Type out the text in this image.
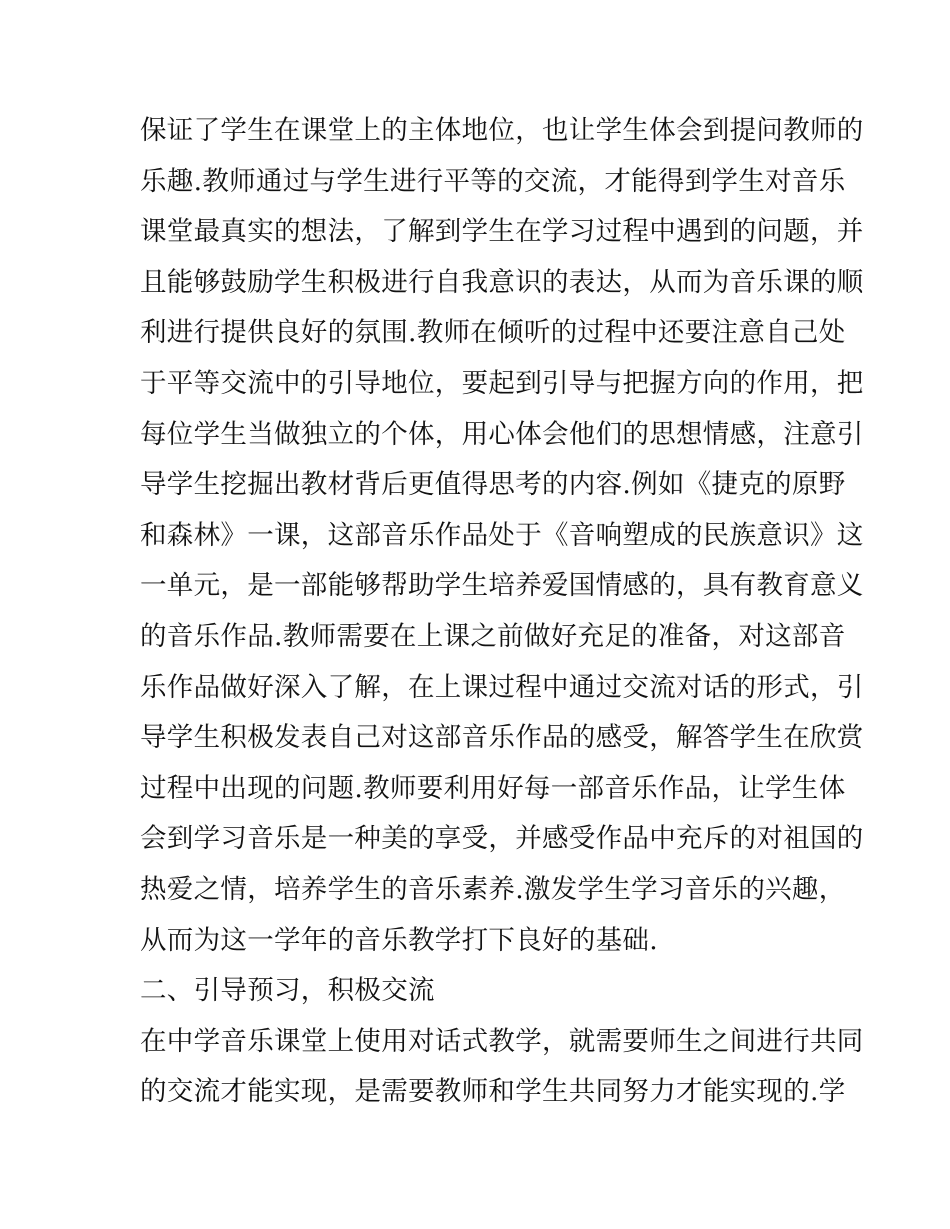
保证了学生在课堂上的主体地位，也让学生体会到提问教师的
乐趣.教师通过与学生进行平等的交流，才能得到学生对音乐
课堂最真实的想法，了解到学生在学习过程中遇到的问题，并
且能够鼓励学生积极进行自我意识的表达，从而为音乐课的顺
利进行提供良好的氛围.教师在倾听的过程中还要注意自己处
于平等交流中的引导地位，要起到引导与把握方向的作用，把
每位学生当做独立的个体，用心体会他们的思想情感，注意引
导学生挖掘出教材背后更值得思考的内容.例如《捷克的原野
和森林》一课，这部音乐作品处于《音响塑成的民族意识》这
一单元，是一部能够帮助学生培养爱国情感的，具有教育意义
的音乐作品.教师需要在上课之前做好充足的准备，对这部音
乐作品做好深入了解，在上课过程中通过交流对话的形式，引
导学生积极发表自己对这部音乐作品的感受，解答学生在欣赏
过程中出现的问题.教师要利用好每一部音乐作品，让学生体
会到学习音乐是一种美的享受，并感受作品中充斥的对祖国的
热爱之情，培养学生的音乐素养.激发学生学习音乐的兴趣，
从而为这一学年的音乐教学打下良好的基础.
二、引导预习，积极交流
在中学音乐课堂上使用对话式教学，就需要师生之间进行共同
的交流才能实现，是需要教师和学生共同努力才能实现的.学
